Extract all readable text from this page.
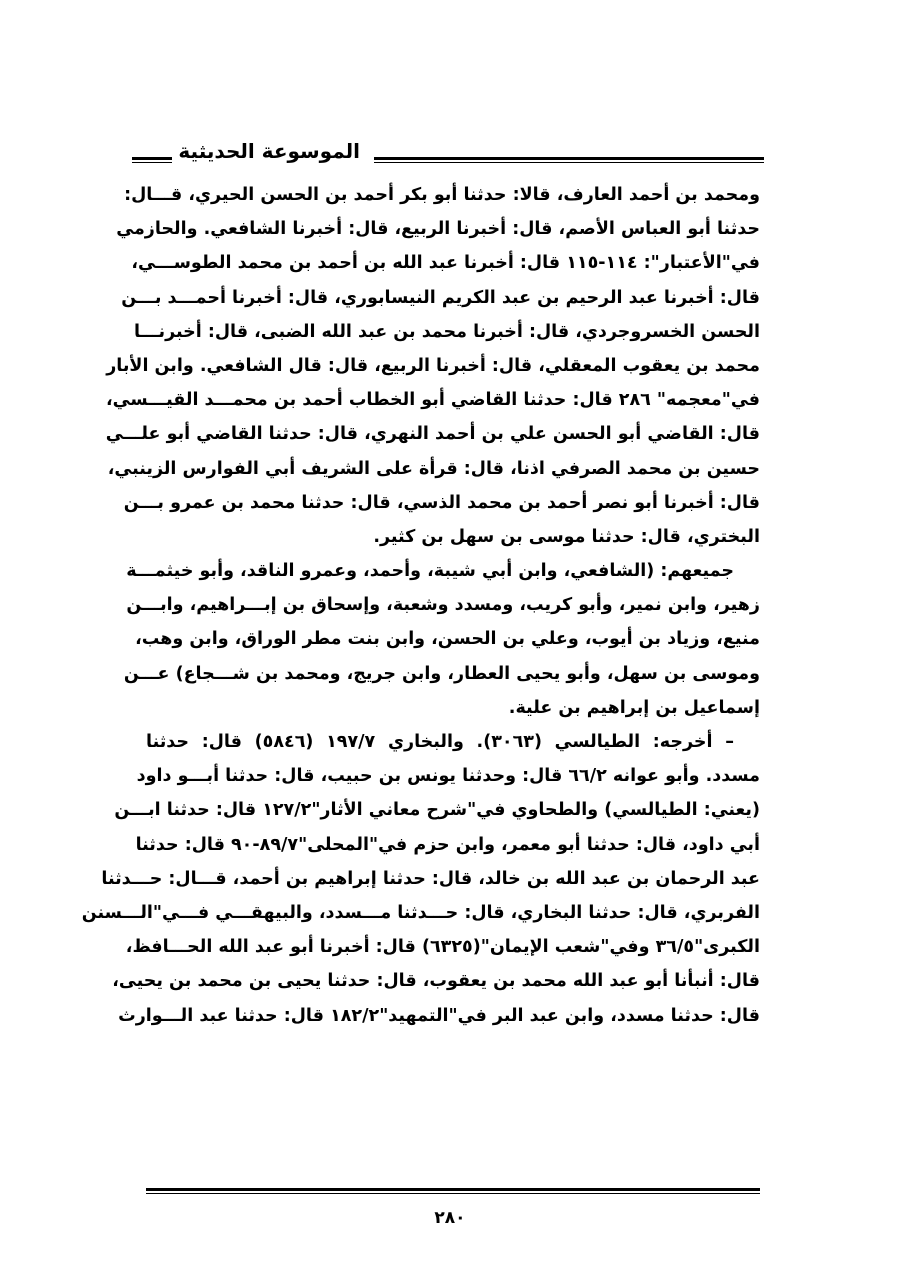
الموسوعة الحديثية
ومحمد بن أحمد العارف، قالا: حدثنا أبو بكر أحمد بن الحسن الحيري، قـــال:
حدثنا أبو العباس الأصم، قال: أخبرنا الربيع، قال: أخبرنا الشافعي. والحازمي
في"الأعتبار": ١١٤-١١٥ قال: أخبرنا عبد الله بن أحمد بن محمد الطوســـي،
قال: أخبرنا عبد الرحيم بن عبد الكريم النيسابوري، قال: أخبرنا أحمـــد بـــن
الحسن الخسروجردي، قال: أخبرنا محمد بن عبد الله الضبى، قال: أخبرنـــا
محمد بن يعقوب المعقلي، قال: أخبرنا الربيع، قال: قال الشافعي. وابن الأبار
في"معجمه" ٢٨٦ قال: حدثنا القاضي أبو الخطاب أحمد بن محمـــد القيـــسي،
قال: القاضي أبو الحسن علي بن أحمد النهري، قال: حدثنا القاضي أبو علـــي
حسين بن محمد الصرفي اذنا، قال: قرأة على الشريف أبي الفوارس الزينبي،
قال: أخبرنا أبو نصر أحمد بن محمد الذسي، قال: حدثنا محمد بن عمرو بـــن
البختري، قال: حدثنا موسى بن سهل بن كثير.
جميعهم: (الشافعي، وابن أبي شيبة، وأحمد، وعمرو الناقد، وأبو خيثمـــة
زهير، وابن نمير، وأبو كريب، ومسدد وشعبة، وإسحاق بن إبـــراهيم، وابـــن
منيع، وزياد بن أيوب، وعلي بن الحسن، وابن بنت مطر الوراق، وابن وهب،
وموسى بن سهل، وأبو يحيى العطار، وابن جريج، ومحمد بن شـــجاع) عـــن
إسماعيل بن إبراهيم بن علية.
– أخرجه: الطيالسي (٣٠٦٣). والبخاري ١٩٧/٧ (٥٨٤٦) قال: حدثنا
مسدد. وأبو عوانه ٦٦/٢ قال: وحدثنا يونس بن حبيب، قال: حدثنا أبـــو داود
(يعني: الطيالسي) والطحاوي في"شرح معاني الأثار"١٢٧/٢ قال: حدثنا ابـــن
أبي داود، قال: حدثنا أبو معمر، وابن حزم في"المحلى"٨٩/٧-٩٠ قال: حدثنا
عبد الرحمان بن عبد الله بن خالد، قال: حدثنا إبراهيم بن أحمد، قـــال: حـــدثنا
الفربري، قال: حدثنا البخاري، قال: حـــدثنا مـــسدد، والبيهقـــي فـــي"الـــسنن
الكبرى"٣٦/٥ وفي"شعب الإيمان"(٦٣٢٥) قال: أخبرنا أبو عبد الله الحـــافظ،
قال: أنبأنا أبو عبد الله محمد بن يعقوب، قال: حدثنا يحيى بن محمد بن يحيى،
قال: حدثنا مسدد، وابن عبد البر في"التمهيد"١٨٢/٢ قال: حدثنا عبد الـــوارث
٢٨٠
